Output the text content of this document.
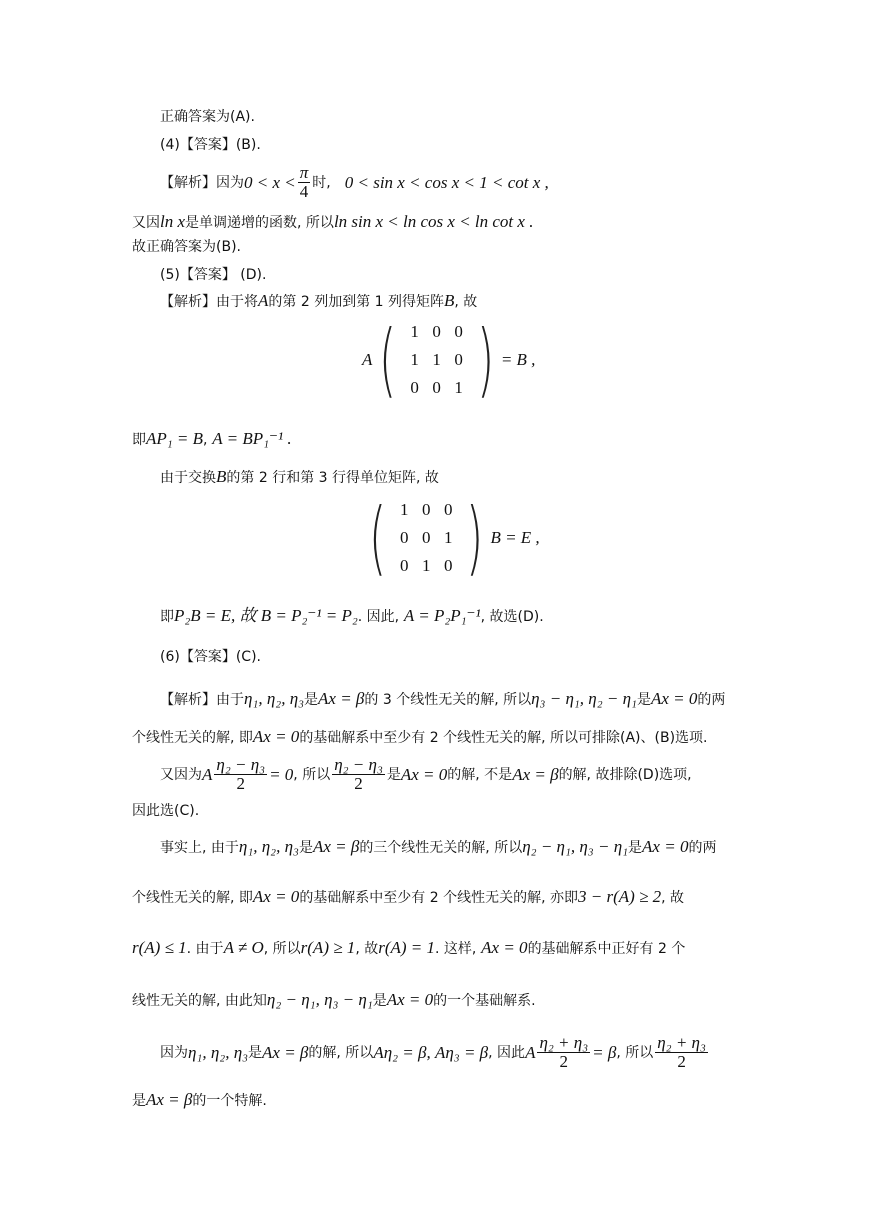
正确答案为(A).
(4)【答案】(B).
【解析】因为 $0 < x < \frac{\pi}{4}$ 时, 0 < sin x < cos x < 1 < cot x ,
又因ln x是单调递增的函数, 所以ln sin x < ln cos x < ln cot x .
故正确答案为(B).
(5)【答案】 (D).
【解析】由于将A的第 2 列加到第 1 列得矩阵B, 故
A ( 1 0 0
1 1 0
0 0 1 ) = B ,
即AP₁ = B, A = BP₁⁻¹ .
由于交换B的第 2 行和第 3 行得单位矩阵, 故
( 1 0 0
0 0 1
0 1 0 ) B = E ,
即P₂B = E, 故 B = P₂⁻¹ = P₂. 因此, A = P₂P₁⁻¹, 故选(D).
(6)【答案】(C).
【解析】由于η₁, η₂, η₃是Ax = β的 3 个线性无关的解, 所以η₃ − η₁, η₂ − η₁是Ax = 0的两
个线性无关的解, 即Ax = 0的基础解系中至少有 2 个线性无关的解, 所以可排除(A)、(B)选项.
又因为 A $\frac{\text{η₂ − η₃}}{2} = 0$ , 所以 $\frac{\text{η₂ − η₃}}{2}$ 是 Ax = 0 的解, 不是 Ax = β 的解, 故排除(D)选项,
因此选(C).
事实上, 由于η₁, η₂, η₃是Ax = β的三个线性无关的解, 所以η₂ − η₁, η₃ − η₁是Ax = 0的两
个线性无关的解, 即Ax = 0的基础解系中至少有 2 个线性无关的解, 亦即3 − r(A) ≥ 2, 故
r(A) ≤ 1. 由于A ≠ O, 所以r(A) ≥ 1, 故r(A) = 1. 这样, Ax = 0的基础解系中正好有 2 个
线性无关的解, 由此知η₂ − η₁, η₃ − η₁是Ax = 0的一个基础解系.
因为 η₁, η₂, η₃ 是 Ax = β 的解, 所以 Aη₂ = β, Aη₃ = β , 因此 A $\frac{\text{η₂ + η₃}}{2} = \beta$ , 所以 $\frac{\text{η₂ + η₃}}{2}$
是Ax = β的一个特解.
